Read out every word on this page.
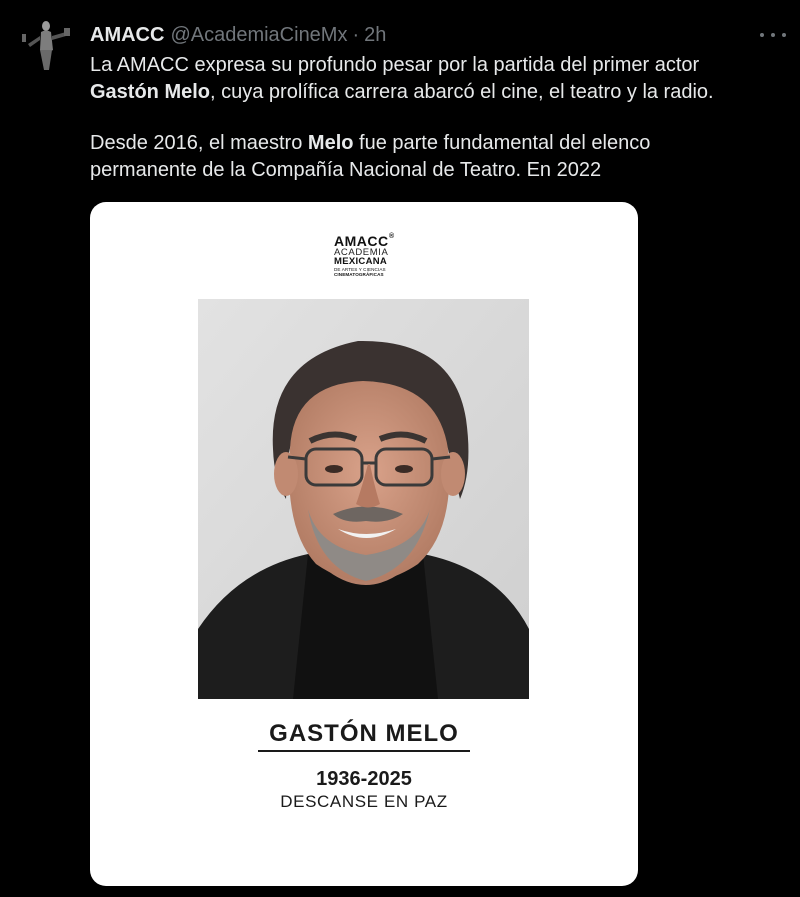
AMACC @AcademiaCineMx · 2h
La AMACC expresa su profundo pesar por la partida del primer actor
Gastón Melo, cuya prolífica carrera abarcó el cine, el teatro y la radio.
Desde 2016, el maestro Melo fue parte fundamental del elenco
permanente de la Compañía Nacional de Teatro. En 2022
AMACC ®
ACADEMIA
MEXICANA
DE ARTES Y CIENCIAS
CINEMATOGRÁFICAS
GASTÓN MELO
1936-2025
DESCANSE EN PAZ
